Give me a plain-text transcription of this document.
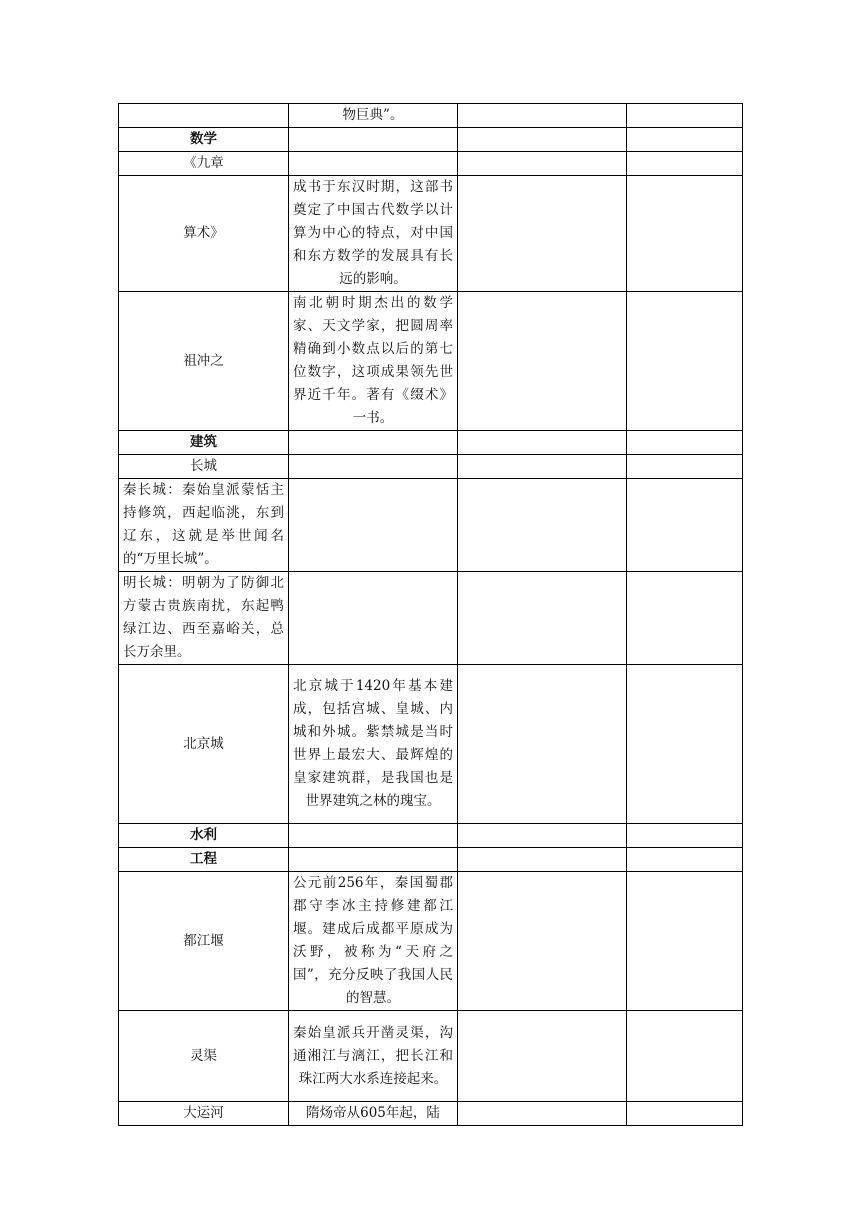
	物巨典”。		
数学			
《九章			
算术》	成书于东汉时期，这部书奠定了中国古代数学以计算为中心的特点，对中国和东方数学的发展具有长远的影响。		
祖冲之	南北朝时期杰出的数学家、天文学家，把圆周率精确到小数点以后的第七位数字，这项成果领先世界近千年。著有《缀术》一书。		
建筑			
长城			
秦长城：秦始皇派蒙恬主持修筑，西起临洮，东到辽东，这就是举世闻名的“万里长城”。			
明长城：明朝为了防御北方蒙古贵族南扰，东起鸭绿江边、西至嘉峪关，总长万余里。			
北京城	北京城于1420年基本建成，包括宫城、皇城、内城和外城。紫禁城是当时世界上最宏大、最辉煌的皇家建筑群，是我国也是世界建筑之林的瑰宝。		
水利			
工程			
都江堰	公元前256年，秦国蜀郡郡守李冰主持修建都江堰。建成后成都平原成为沃野，被称为“天府之国”，充分反映了我国人民的智慧。		
灵渠	秦始皇派兵开凿灵渠，沟通湘江与漓江，把长江和珠江两大水系连接起来。		
大运河	隋炀帝从605年起，陆		
